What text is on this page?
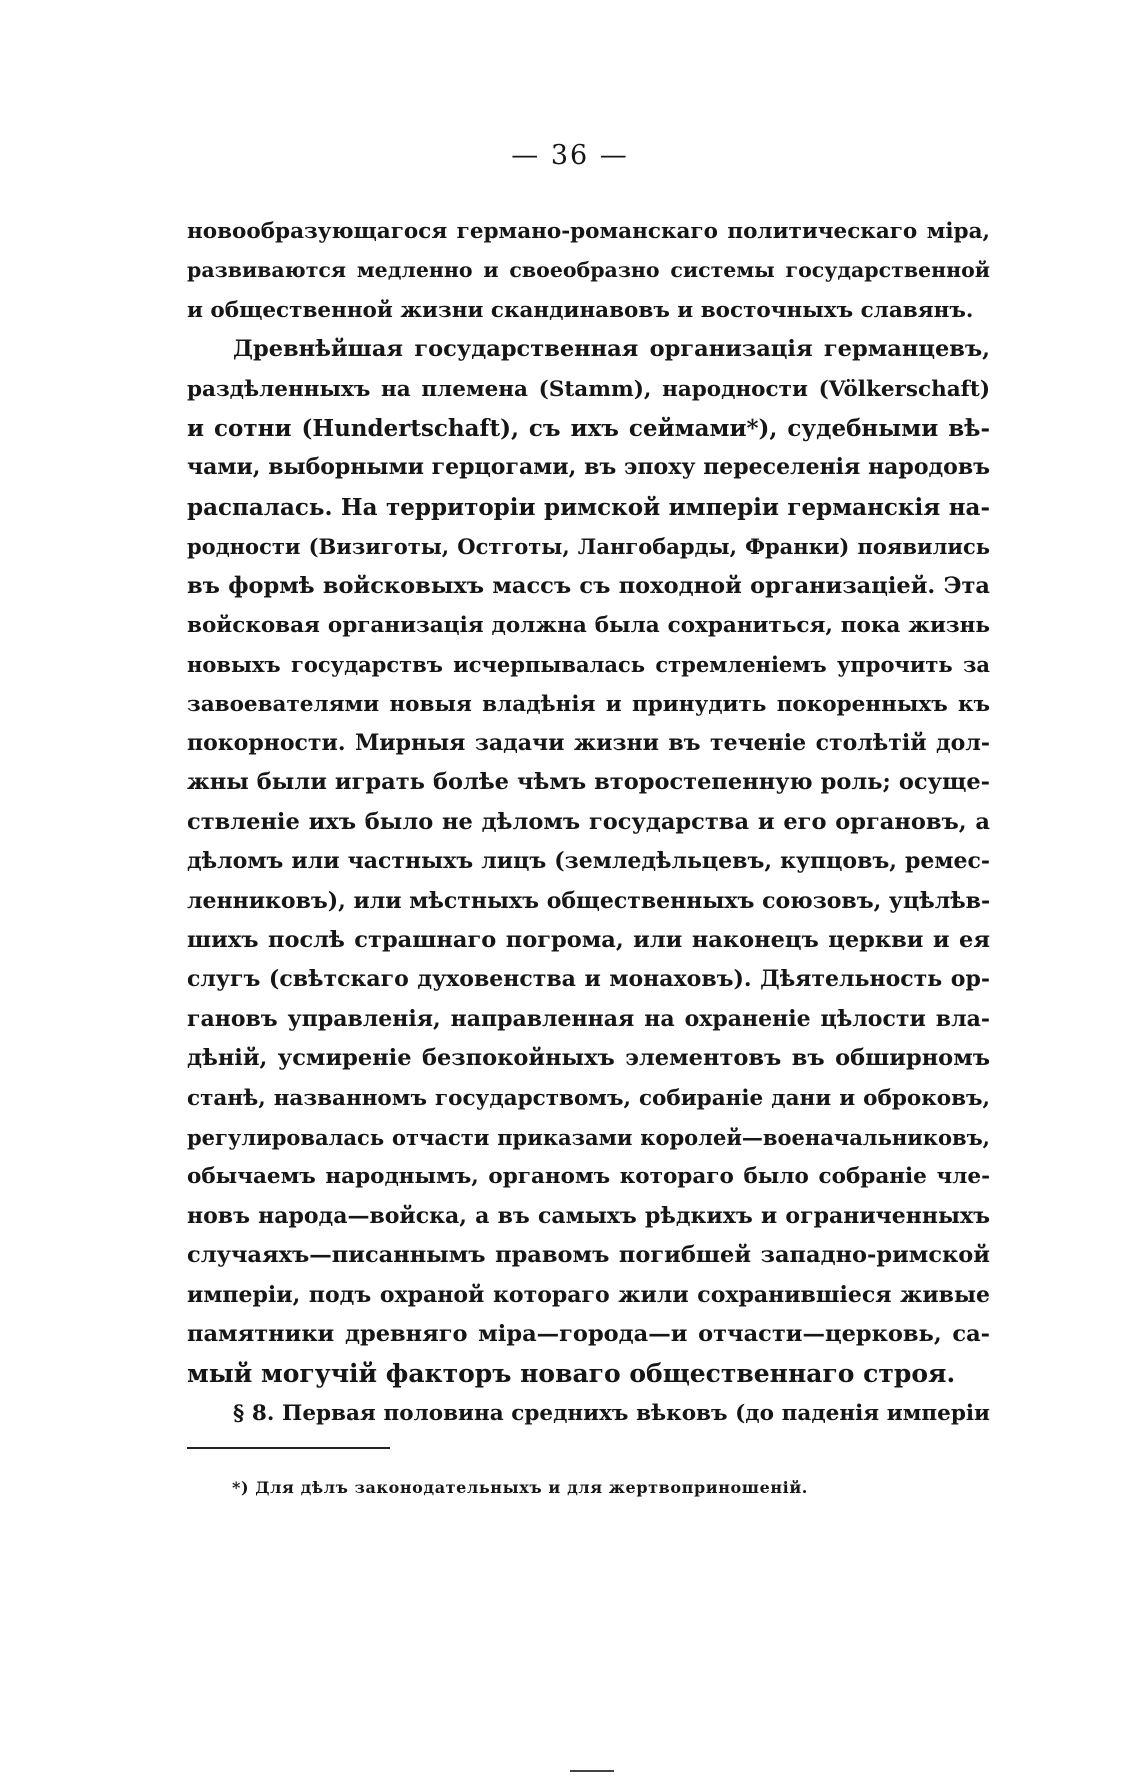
— 36 —
новообразующагося германо-романскаго политическаго міра,
развиваются медленно и своеобразно системы государственной
и общественной жизни скандинавовъ и восточныхъ славянъ.
Древнѣйшая государственная организація германцевъ,
раздѣленныхъ на племена (Stamm), народности (Völkerschaft)
и сотни (Hundertschaft), съ ихъ сеймами*), судебными вѣ-
чами, выборными герцогами, въ эпоху переселенія народовъ
распалась. На территоріи римской имперіи германскія на-
родности (Визиготы, Остготы, Лангобарды, Франки) появились
въ формѣ войсковыхъ массъ съ походной организаціей. Эта
войсковая организація должна была сохраниться, пока жизнь
новыхъ государствъ исчерпывалась стремленіемъ упрочить за
завоевателями новыя владѣнія и принудить покоренныхъ къ
покорности. Мирныя задачи жизни въ теченіе столѣтій дол-
жны были играть болѣе чѣмъ второстепенную роль; осуще-
ствленіе ихъ было не дѣломъ государства и его органовъ, а
дѣломъ или частныхъ лицъ (земледѣльцевъ, купцовъ, ремес-
ленниковъ), или мѣстныхъ общественныхъ союзовъ, уцѣлѣв-
шихъ послѣ страшнаго погрома, или наконецъ церкви и ея
слугъ (свѣтскаго духовенства и монаховъ). Дѣятельность ор-
гановъ управленія, направленная на охраненіе цѣлости вла-
дѣній, усмиреніе безпокойныхъ элементовъ въ обширномъ
станѣ, названномъ государствомъ, собираніе дани и оброковъ,
регулировалась отчасти приказами королей—военачальниковъ,
обычаемъ народнымъ, органомъ котораго было собраніе чле-
новъ народа—войска, а въ самыхъ рѣдкихъ и ограниченныхъ
случаяхъ—писаннымъ правомъ погибшей западно-римской
имперіи, подъ охраной котораго жили сохранившіеся живые
памятники древняго міра—города—и отчасти—церковь, са-
мый могучій факторъ новаго общественнаго строя.
§ 8. Первая половина среднихъ вѣковъ (до паденія имперіи
*) Для дѣлъ законодательныхъ и для жертвоприношеній.
